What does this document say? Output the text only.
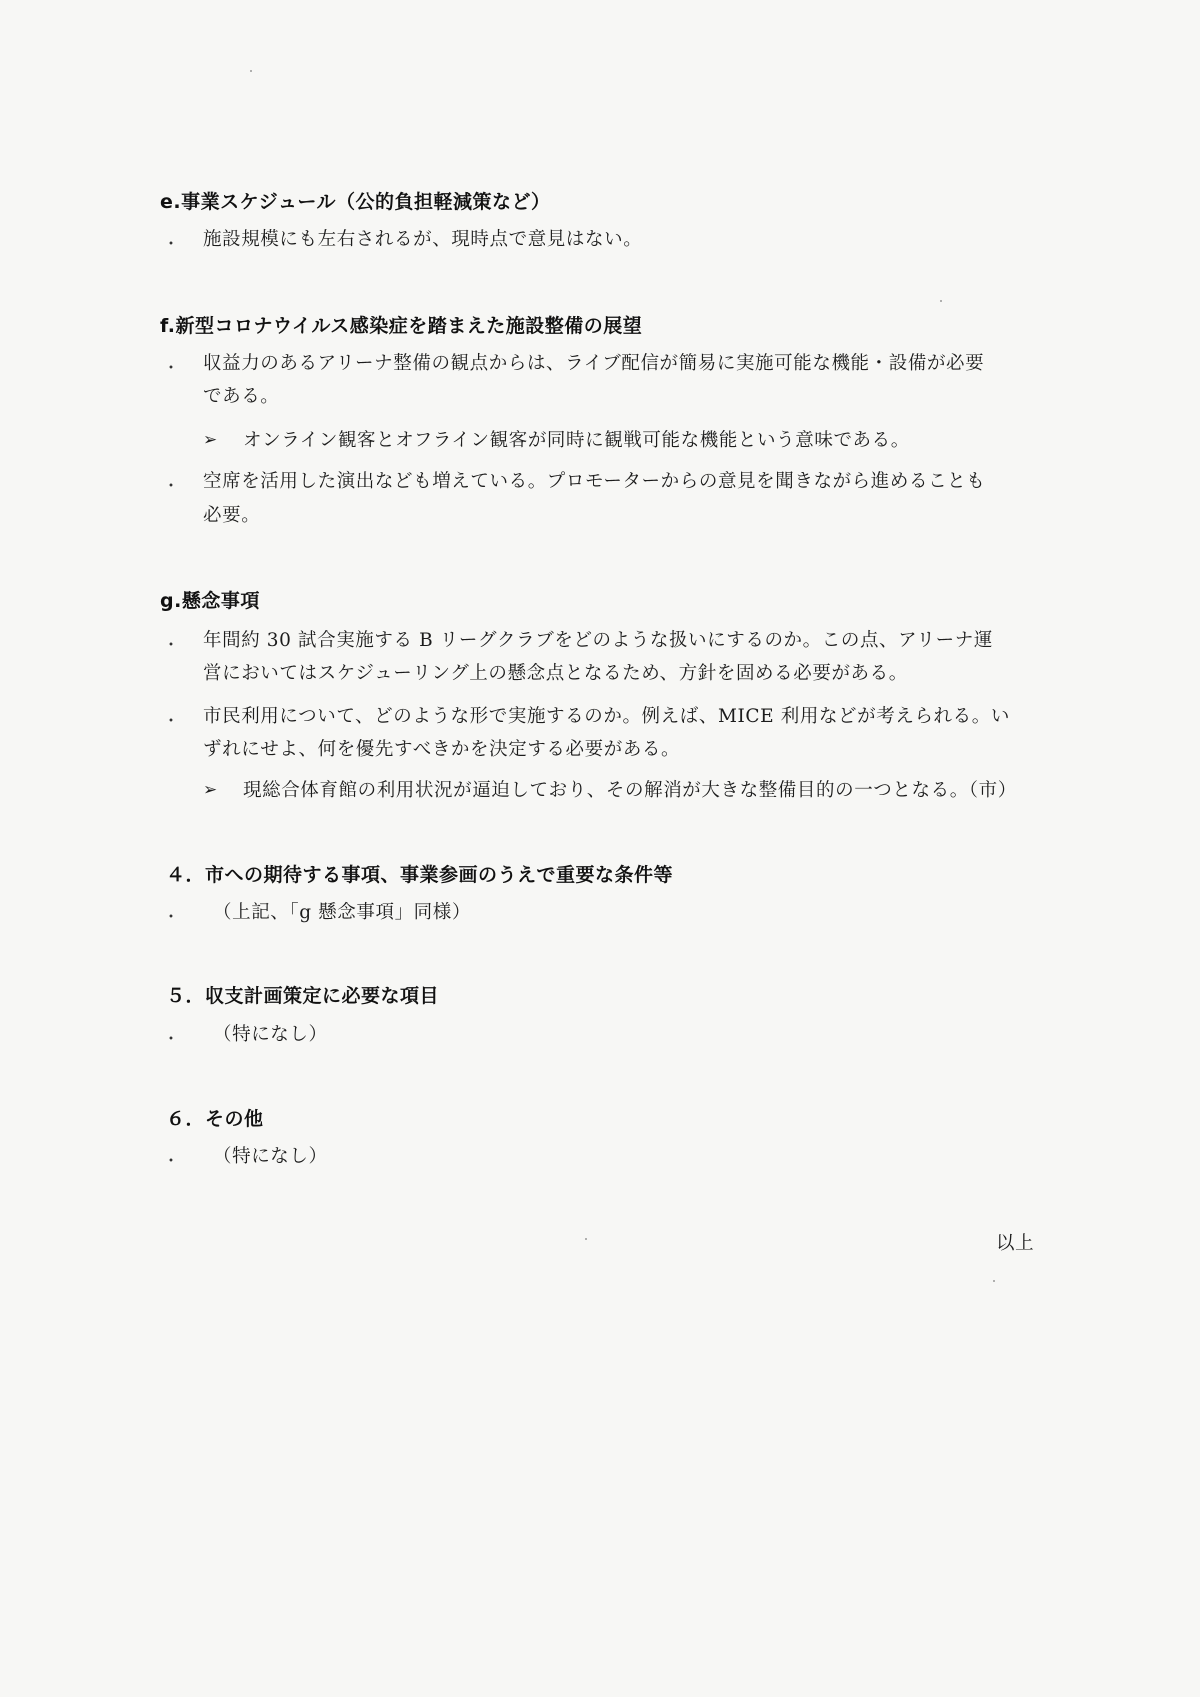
e.事業スケジュール（公的負担軽減策など）
・ 施設規模にも左右されるが、現時点で意見はない。
f.新型コロナウイルス感染症を踏まえた施設整備の展望
・ 収益力のあるアリーナ整備の観点からは、ライブ配信が簡易に実施可能な機能・設備が必要
である。
➢ オンライン観客とオフライン観客が同時に観戦可能な機能という意味である。
・ 空席を活用した演出なども増えている。プロモーターからの意見を聞きながら進めることも
必要。
g.懸念事項
・ 年間約 30 試合実施する B リーグクラブをどのような扱いにするのか。この点、アリーナ運
営においてはスケジューリング上の懸念点となるため、方針を固める必要がある。
・ 市民利用について、どのような形で実施するのか。例えば、MICE 利用などが考えられる。い
ずれにせよ、何を優先すべきかを決定する必要がある。
➢ 現総合体育館の利用状況が逼迫しており、その解消が大きな整備目的の一つとなる。（市）
４．市への期待する事項、事業参画のうえで重要な条件等
・ （上記、「g 懸念事項」同様）
５．収支計画策定に必要な項目
・ （特になし）
６．その他
・ （特になし）
以上
